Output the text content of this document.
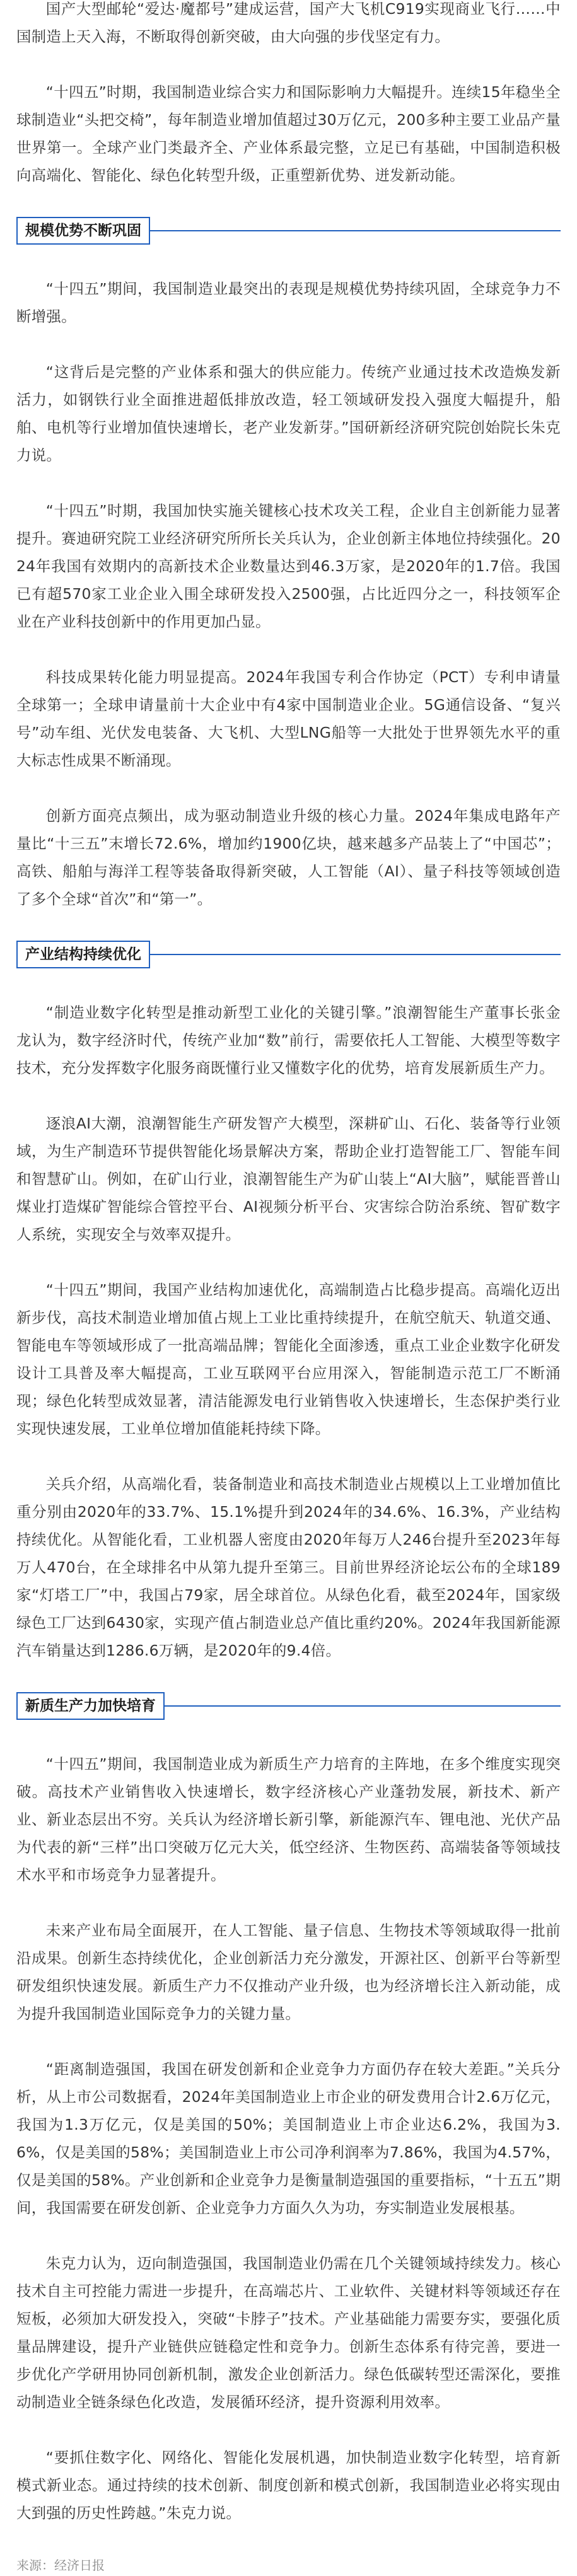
国产大型邮轮“爱达·魔都号”建成运营，国产大飞机C919实现商业飞行……中国制造上天入海，不断取得创新突破，由大向强的步伐坚定有力。

“十四五”时期，我国制造业综合实力和国际影响力大幅提升。连续15年稳坐全球制造业“头把交椅”，每年制造业增加值超过30万亿元，200多种主要工业品产量世界第一。全球产业门类最齐全、产业体系最完整，立足已有基础，中国制造积极向高端化、智能化、绿色化转型升级，正重塑新优势、迸发新动能。

规模优势不断巩固

“十四五”期间，我国制造业最突出的表现是规模优势持续巩固，全球竞争力不断增强。

“这背后是完整的产业体系和强大的供应能力。传统产业通过技术改造焕发新活力，如钢铁行业全面推进超低排放改造，轻工领域研发投入强度大幅提升，船舶、电机等行业增加值快速增长，老产业发新芽。”国研新经济研究院创始院长朱克力说。

“十四五”时期，我国加快实施关键核心技术攻关工程，企业自主创新能力显著提升。赛迪研究院工业经济研究所所长关兵认为，企业创新主体地位持续强化。2024年我国有效期内的高新技术企业数量达到46.3万家，是2020年的1.7倍。我国已有超570家工业企业入围全球研发投入2500强，占比近四分之一，科技领军企业在产业科技创新中的作用更加凸显。

科技成果转化能力明显提高。2024年我国专利合作协定（PCT）专利申请量全球第一；全球申请量前十大企业中有4家中国制造业企业。5G通信设备、“复兴号”动车组、光伏发电装备、大飞机、大型LNG船等一大批处于世界领先水平的重大标志性成果不断涌现。

创新方面亮点频出，成为驱动制造业升级的核心力量。2024年集成电路年产量比“十三五”末增长72.6%，增加约1900亿块，越来越多产品装上了“中国芯”；高铁、船舶与海洋工程等装备取得新突破，人工智能（AI）、量子科技等领域创造了多个全球“首次”和“第一”。

产业结构持续优化

“制造业数字化转型是推动新型工业化的关键引擎。”浪潮智能生产董事长张金龙认为，数字经济时代，传统产业加“数”前行，需要依托人工智能、大模型等数字技术，充分发挥数字化服务商既懂行业又懂数字化的优势，培育发展新质生产力。

逐浪AI大潮，浪潮智能生产研发智产大模型，深耕矿山、石化、装备等行业领域，为生产制造环节提供智能化场景解决方案，帮助企业打造智能工厂、智能车间和智慧矿山。例如，在矿山行业，浪潮智能生产为矿山装上“AI大脑”，赋能晋普山煤业打造煤矿智能综合管控平台、AI视频分析平台、灾害综合防治系统、智矿数字人系统，实现安全与效率双提升。

“十四五”期间，我国产业结构加速优化，高端制造占比稳步提高。高端化迈出新步伐，高技术制造业增加值占规上工业比重持续提升，在航空航天、轨道交通、智能电车等领域形成了一批高端品牌；智能化全面渗透，重点工业企业数字化研发设计工具普及率大幅提高，工业互联网平台应用深入，智能制造示范工厂不断涌现；绿色化转型成效显著，清洁能源发电行业销售收入快速增长，生态保护类行业实现快速发展，工业单位增加值能耗持续下降。

关兵介绍，从高端化看，装备制造业和高技术制造业占规模以上工业增加值比重分别由2020年的33.7%、15.1%提升到2024年的34.6%、16.3%，产业结构持续优化。从智能化看，工业机器人密度由2020年每万人246台提升至2023年每万人470台，在全球排名中从第九提升至第三。目前世界经济论坛公布的全球189家“灯塔工厂”中，我国占79家，居全球首位。从绿色化看，截至2024年，国家级绿色工厂达到6430家，实现产值占制造业总产值比重约20%。2024年我国新能源汽车销量达到1286.6万辆，是2020年的9.4倍。

新质生产力加快培育

“十四五”期间，我国制造业成为新质生产力培育的主阵地，在多个维度实现突破。高技术产业销售收入快速增长，数字经济核心产业蓬勃发展，新技术、新产业、新业态层出不穷。关兵认为经济增长新引擎，新能源汽车、锂电池、光伏产品为代表的新“三样”出口突破万亿元大关，低空经济、生物医药、高端装备等领域技术水平和市场竞争力显著提升。

未来产业布局全面展开，在人工智能、量子信息、生物技术等领域取得一批前沿成果。创新生态持续优化，企业创新活力充分激发，开源社区、创新平台等新型研发组织快速发展。新质生产力不仅推动产业升级，也为经济增长注入新动能，成为提升我国制造业国际竞争力的关键力量。

“距离制造强国，我国在研发创新和企业竞争力方面仍存在较大差距。”关兵分析，从上市公司数据看，2024年美国制造业上市企业的研发费用合计2.6万亿元，我国为1.3万亿元，仅是美国的50%；美国制造业上市企业达6.2%，我国为3.6%，仅是美国的58%；美国制造业上市公司净利润率为7.86%，我国为4.57%，仅是美国的58%。产业创新和企业竞争力是衡量制造强国的重要指标，“十五五”期间，我国需要在研发创新、企业竞争力方面久久为功，夯实制造业发展根基。

朱克力认为，迈向制造强国，我国制造业仍需在几个关键领域持续发力。核心技术自主可控能力需进一步提升，在高端芯片、工业软件、关键材料等领域还存在短板，必须加大研发投入，突破“卡脖子”技术。产业基础能力需要夯实，要强化质量品牌建设，提升产业链供应链稳定性和竞争力。创新生态体系有待完善，要进一步优化产学研用协同创新机制，激发企业创新活力。绿色低碳转型还需深化，要推动制造业全链条绿色化改造，发展循环经济，提升资源利用效率。

“要抓住数字化、网络化、智能化发展机遇，加快制造业数字化转型，培育新模式新业态。通过持续的技术创新、制度创新和模式创新，我国制造业必将实现由大到强的历史性跨越。”朱克力说。

来源：经济日报
